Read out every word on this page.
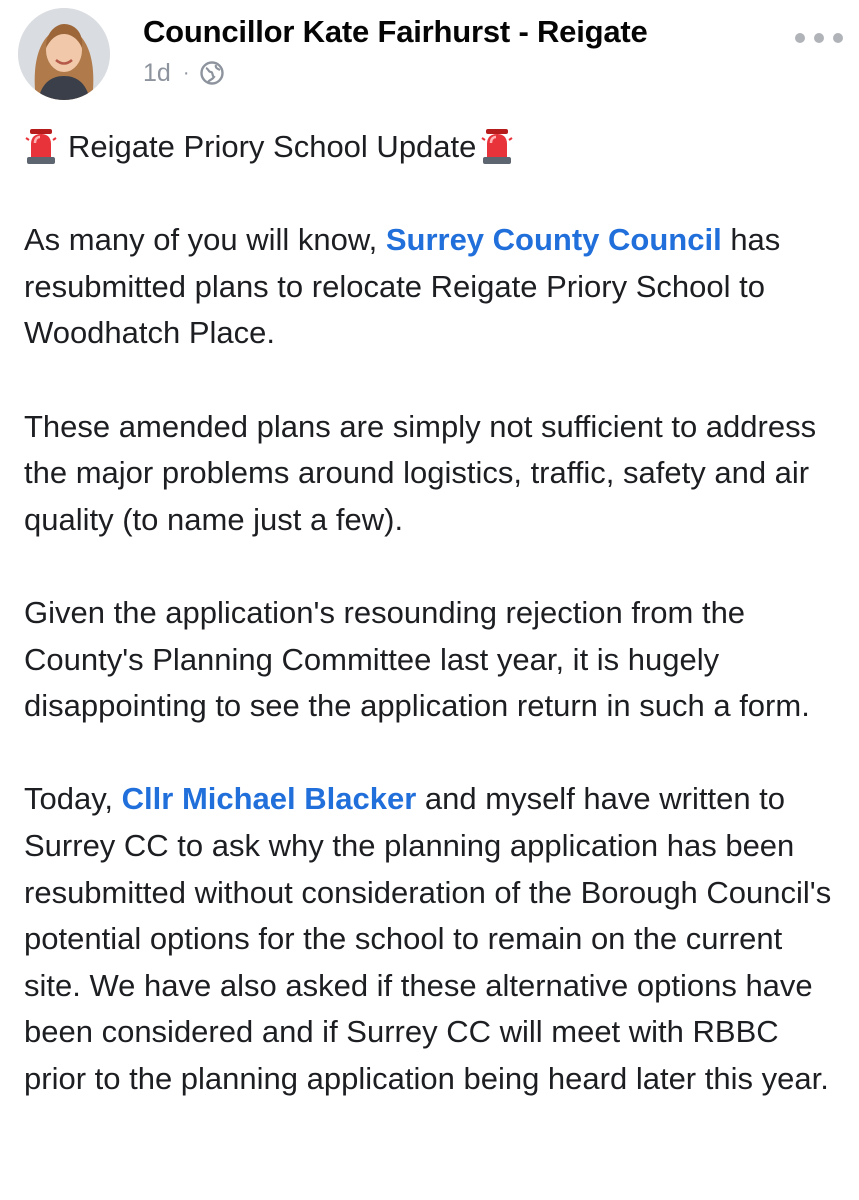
Councillor Kate Fairhurst - Reigate
1d ·

Reigate Priory School Update

As many of you will know, Surrey County Council has resubmitted plans to relocate Reigate Priory School to Woodhatch Place.

These amended plans are simply not sufficient to address the major problems around logistics, traffic, safety and air quality (to name just a few).

Given the application's resounding rejection from the County's Planning Committee last year, it is hugely disappointing to see the application return in such a form.

Today, Cllr Michael Blacker and myself have written to Surrey CC to ask why the planning application has been resubmitted without consideration of the Borough Council's potential options for the school to remain on the current site. We have also asked if these alternative options have been considered and if Surrey CC will meet with RBBC prior to the planning application being heard later this year.
